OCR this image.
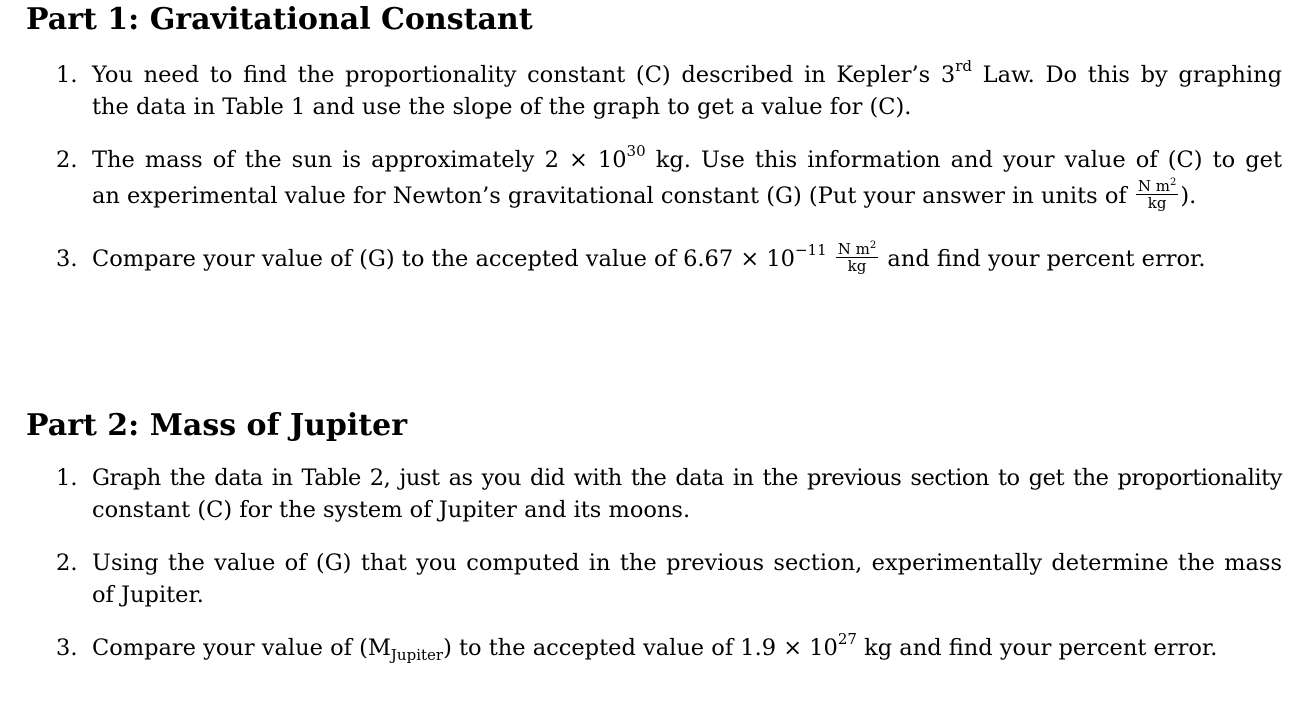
Part 1: Gravitational Constant
1. You need to find the proportionality constant (C) described in Kepler’s 3rd Law. Do this by graphing
the data in Table 1 and use the slope of the graph to get a value for (C).
2. The mass of the sun is approximately $2 \times 10^{30}$ kg. Use this information and your value of (C) to get
an experimental value for Newton’s gravitational constant (G) (Put your answer in units of $\frac{N m^2}{kg}$ ).
3. Compare your value of (G) to the accepted value of $6.67 \times 10^{-11} \frac{N m^2}{kg}$ and find your percent error.
Part 2: Mass of Jupiter
1. Graph the data in Table 2, just as you did with the data in the previous section to get the proportionality
constant (C) for the system of Jupiter and its moons.
2. Using the value of (G) that you computed in the previous section, experimentally determine the mass
of Jupiter.
3. Compare your value of $(M_{Jupiter})$ to the accepted value of $1.9 \times 10^{27}$ kg and find your percent error.
